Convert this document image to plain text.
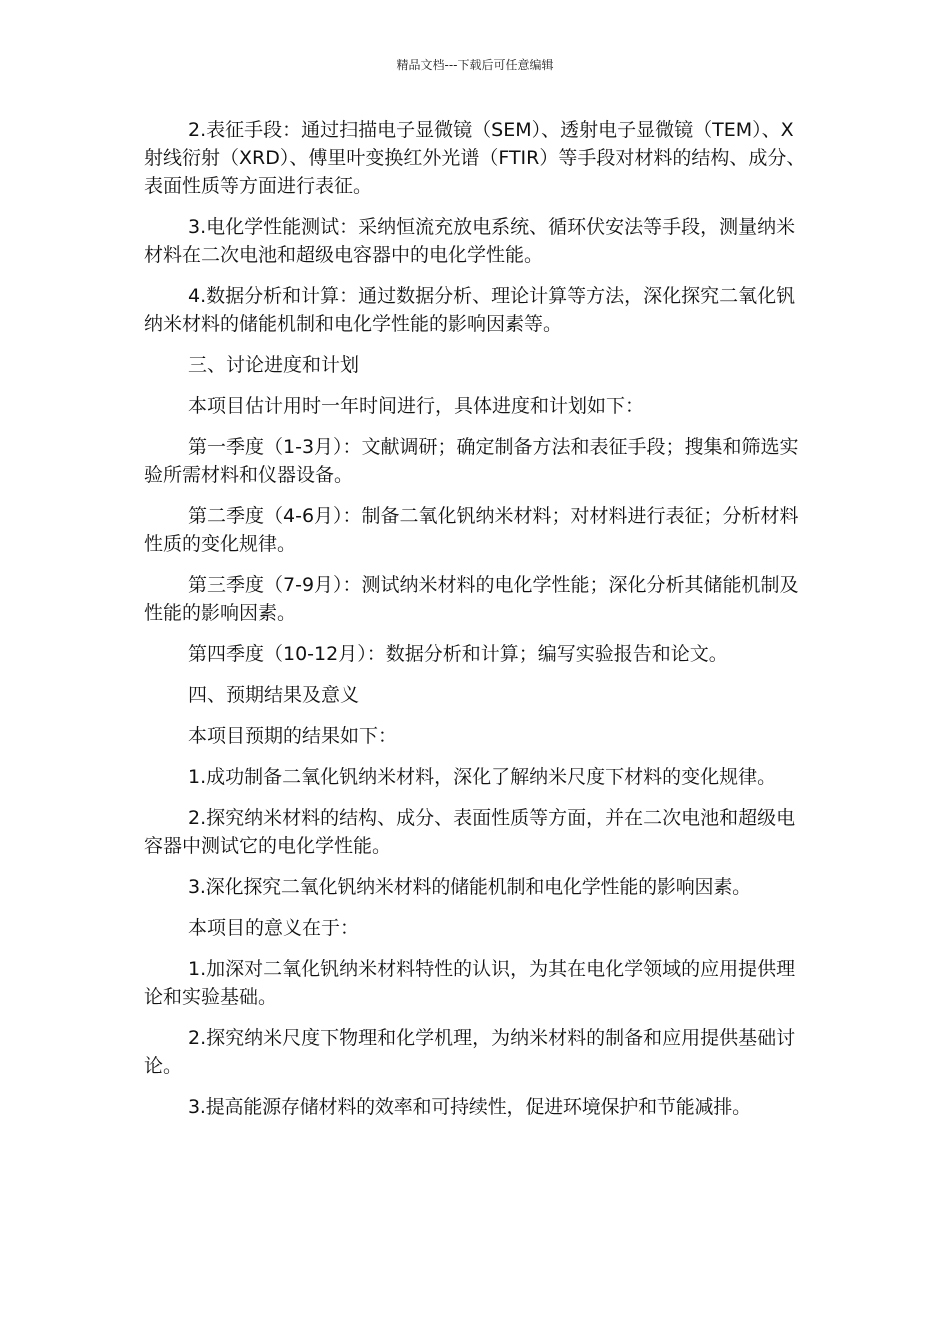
精品文档---下载后可任意编辑

2.表征手段：通过扫描电子显微镜（SEM）、透射电子显微镜（TEM）、X射线衍射（XRD）、傅里叶变换红外光谱（FTIR）等手段对材料的结构、成分、表面性质等方面进行表征。

3.电化学性能测试：采纳恒流充放电系统、循环伏安法等手段，测量纳米材料在二次电池和超级电容器中的电化学性能。

4.数据分析和计算：通过数据分析、理论计算等方法，深化探究二氧化钒纳米材料的储能机制和电化学性能的影响因素等。

三、讨论进度和计划

本项目估计用时一年时间进行，具体进度和计划如下：

第一季度（1-3月）：文献调研；确定制备方法和表征手段；搜集和筛选实验所需材料和仪器设备。

第二季度（4-6月）：制备二氧化钒纳米材料；对材料进行表征；分析材料性质的变化规律。

第三季度（7-9月）：测试纳米材料的电化学性能；深化分析其储能机制及性能的影响因素。

第四季度（10-12月）：数据分析和计算；编写实验报告和论文。

四、预期结果及意义

本项目预期的结果如下：

1.成功制备二氧化钒纳米材料，深化了解纳米尺度下材料的变化规律。

2.探究纳米材料的结构、成分、表面性质等方面，并在二次电池和超级电容器中测试它的电化学性能。

3.深化探究二氧化钒纳米材料的储能机制和电化学性能的影响因素。

本项目的意义在于：

1.加深对二氧化钒纳米材料特性的认识，为其在电化学领域的应用提供理论和实验基础。

2.探究纳米尺度下物理和化学机理，为纳米材料的制备和应用提供基础讨论。

3.提高能源存储材料的效率和可持续性，促进环境保护和节能减排。
